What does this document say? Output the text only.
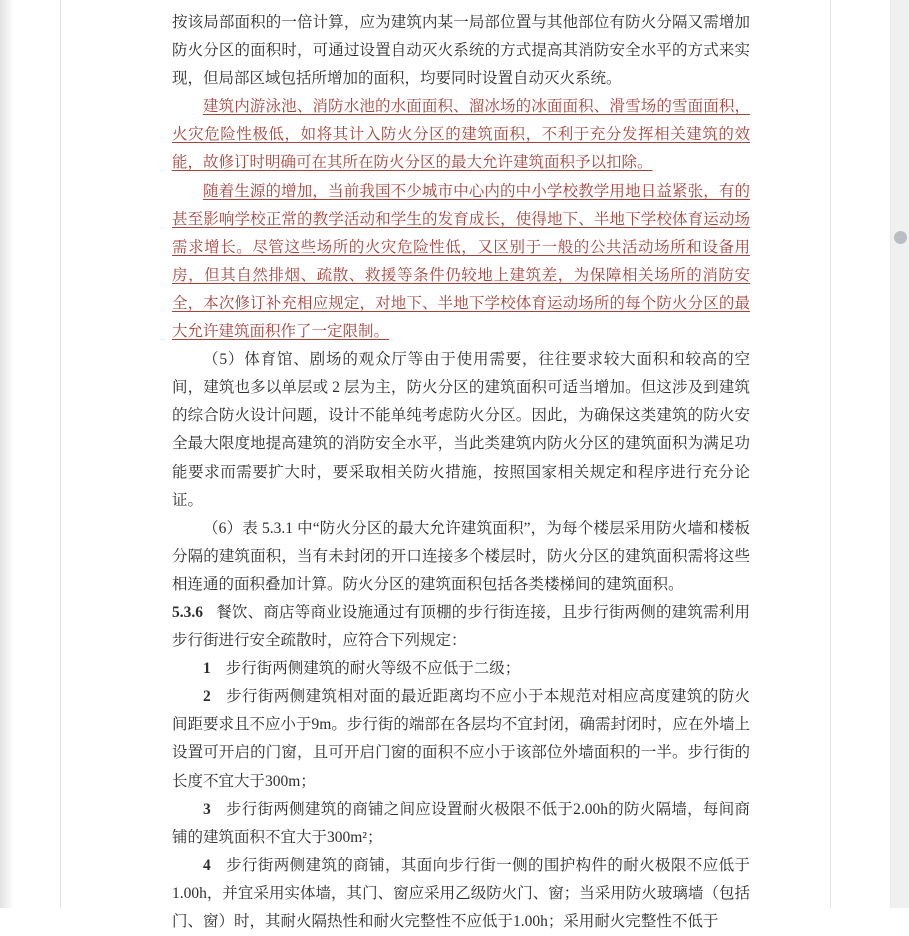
按该局部面积的一倍计算，应为建筑内某一局部位置与其他部位有防火分隔又需增加防火分区的面积时，可通过设置自动灭火系统的方式提高其消防安全水平的方式来实现，但局部区域包括所增加的面积，均要同时设置自动灭火系统。

建筑内游泳池、消防水池的水面面积、溜冰场的冰面面积、滑雪场的雪面面积，火灾危险性极低，如将其计入防火分区的建筑面积，不利于充分发挥相关建筑的效能，故修订时明确可在其所在防火分区的最大允许建筑面积予以扣除。

随着生源的增加，当前我国不少城市中心内的中小学校教学用地日益紧张，有的甚至影响学校正常的教学活动和学生的发育成长，使得地下、半地下学校体育运动场需求增长。尽管这些场所的火灾危险性低，又区别于一般的公共活动场所和设备用房，但其自然排烟、疏散、救援等条件仍较地上建筑差，为保障相关场所的消防安全，本次修订补充相应规定，对地下、半地下学校体育运动场所的每个防火分区的最大允许建筑面积作了一定限制。

（5）体育馆、剧场的观众厅等由于使用需要，往往要求较大面积和较高的空间，建筑也多以单层或 2 层为主，防火分区的建筑面积可适当增加。但这涉及到建筑的综合防火设计问题，设计不能单纯考虑防火分区。因此，为确保这类建筑的防火安全最大限度地提高建筑的消防安全水平，当此类建筑内防火分区的建筑面积为满足功能要求而需要扩大时，要采取相关防火措施，按照国家相关规定和程序进行充分论证。

（6）表 5.3.1 中“防火分区的最大允许建筑面积”，为每个楼层采用防火墙和楼板分隔的建筑面积，当有未封闭的开口连接多个楼层时，防火分区的建筑面积需将这些相连通的面积叠加计算。防火分区的建筑面积包括各类楼梯间的建筑面积。

5.3.6 餐饮、商店等商业设施通过有顶棚的步行街连接，且步行街两侧的建筑需利用步行街进行安全疏散时，应符合下列规定：

1 步行街两侧建筑的耐火等级不应低于二级；

2 步行街两侧建筑相对面的最近距离均不应小于本规范对相应高度建筑的防火间距要求且不应小于9m。步行街的端部在各层均不宜封闭，确需封闭时，应在外墙上设置可开启的门窗，且可开启门窗的面积不应小于该部位外墙面积的一半。步行街的长度不宜大于300m；

3 步行街两侧建筑的商铺之间应设置耐火极限不低于2.00h的防火隔墙，每间商铺的建筑面积不宜大于300m²；

4 步行街两侧建筑的商铺，其面向步行街一侧的围护构件的耐火极限不应低于1.00h，并宜采用实体墙，其门、窗应采用乙级防火门、窗；当采用防火玻璃墙（包括门、窗）时，其耐火隔热性和耐火完整性不应低于1.00h；采用耐火完整性不低于
